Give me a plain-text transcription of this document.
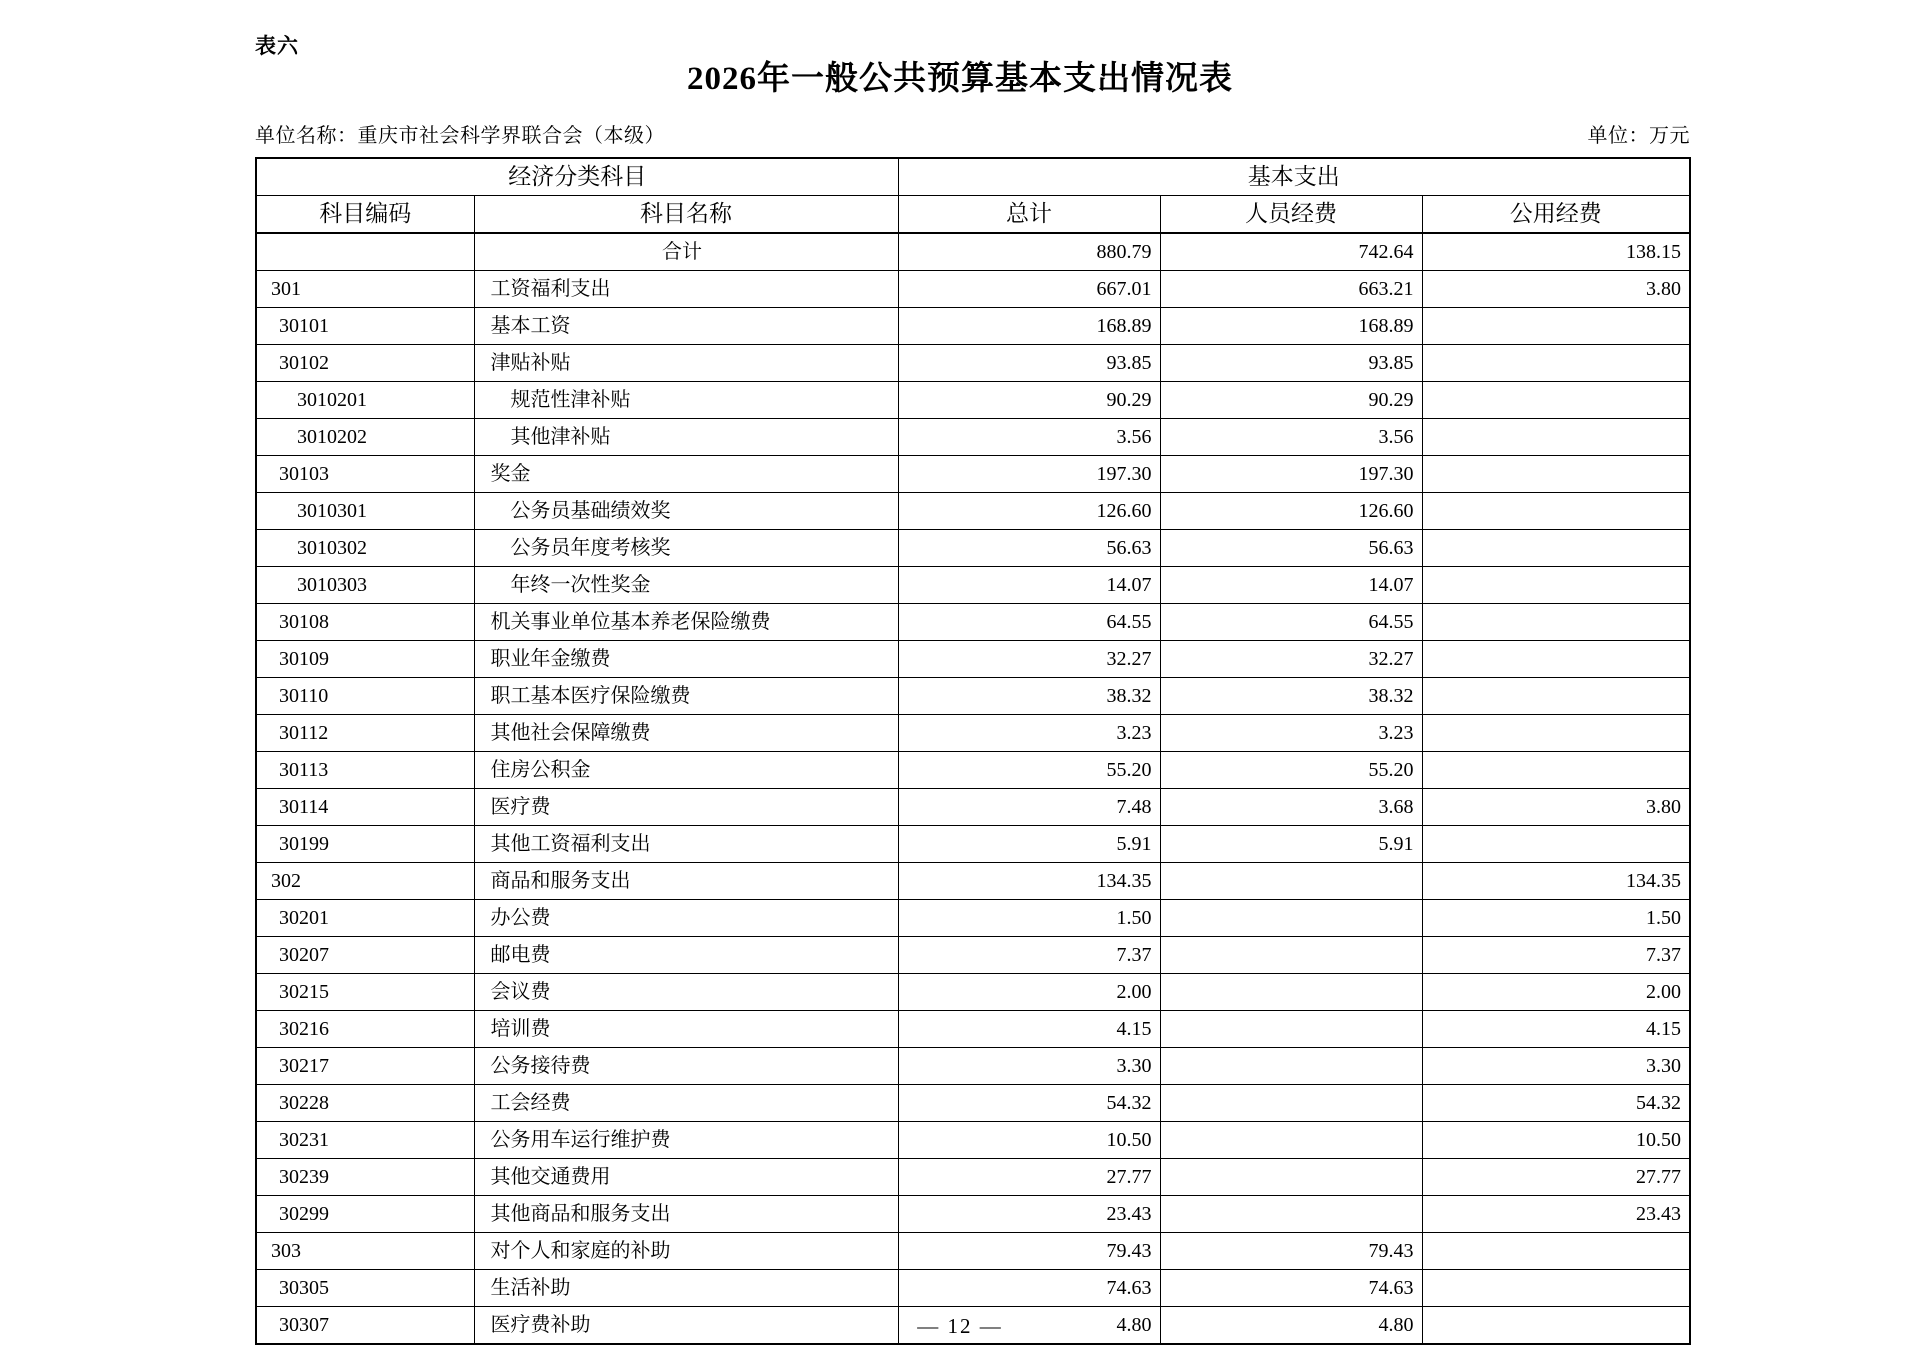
表六
2026年一般公共预算基本支出情况表
单位名称：重庆市社会科学界联合会（本级）	单位：万元
经济分类科目		基本支出		
科目编码	科目名称	总计	人员经费	公用经费
	合计	880.79	742.64	138.15
301	工资福利支出	667.01	663.21	3.80
30101	基本工资	168.89	168.89	
30102	津贴补贴	93.85	93.85	
3010201	规范性津补贴	90.29	90.29	
3010202	其他津补贴	3.56	3.56	
30103	奖金	197.30	197.30	
3010301	公务员基础绩效奖	126.60	126.60	
3010302	公务员年度考核奖	56.63	56.63	
3010303	年终一次性奖金	14.07	14.07	
30108	机关事业单位基本养老保险缴费	64.55	64.55	
30109	职业年金缴费	32.27	32.27	
30110	职工基本医疗保险缴费	38.32	38.32	
30112	其他社会保障缴费	3.23	3.23	
30113	住房公积金	55.20	55.20	
30114	医疗费	7.48	3.68	3.80
30199	其他工资福利支出	5.91	5.91	
302	商品和服务支出	134.35		134.35
30201	办公费	1.50		1.50
30207	邮电费	7.37		7.37
30215	会议费	2.00		2.00
30216	培训费	4.15		4.15
30217	公务接待费	3.30		3.30
30228	工会经费	54.32		54.32
30231	公务用车运行维护费	10.50		10.50
30239	其他交通费用	27.77		27.77
30299	其他商品和服务支出	23.43		23.43
303	对个人和家庭的补助	79.43	79.43	
30305	生活补助	74.63	74.63	
30307	医疗费补助	4.80	4.80	
— 12 —
